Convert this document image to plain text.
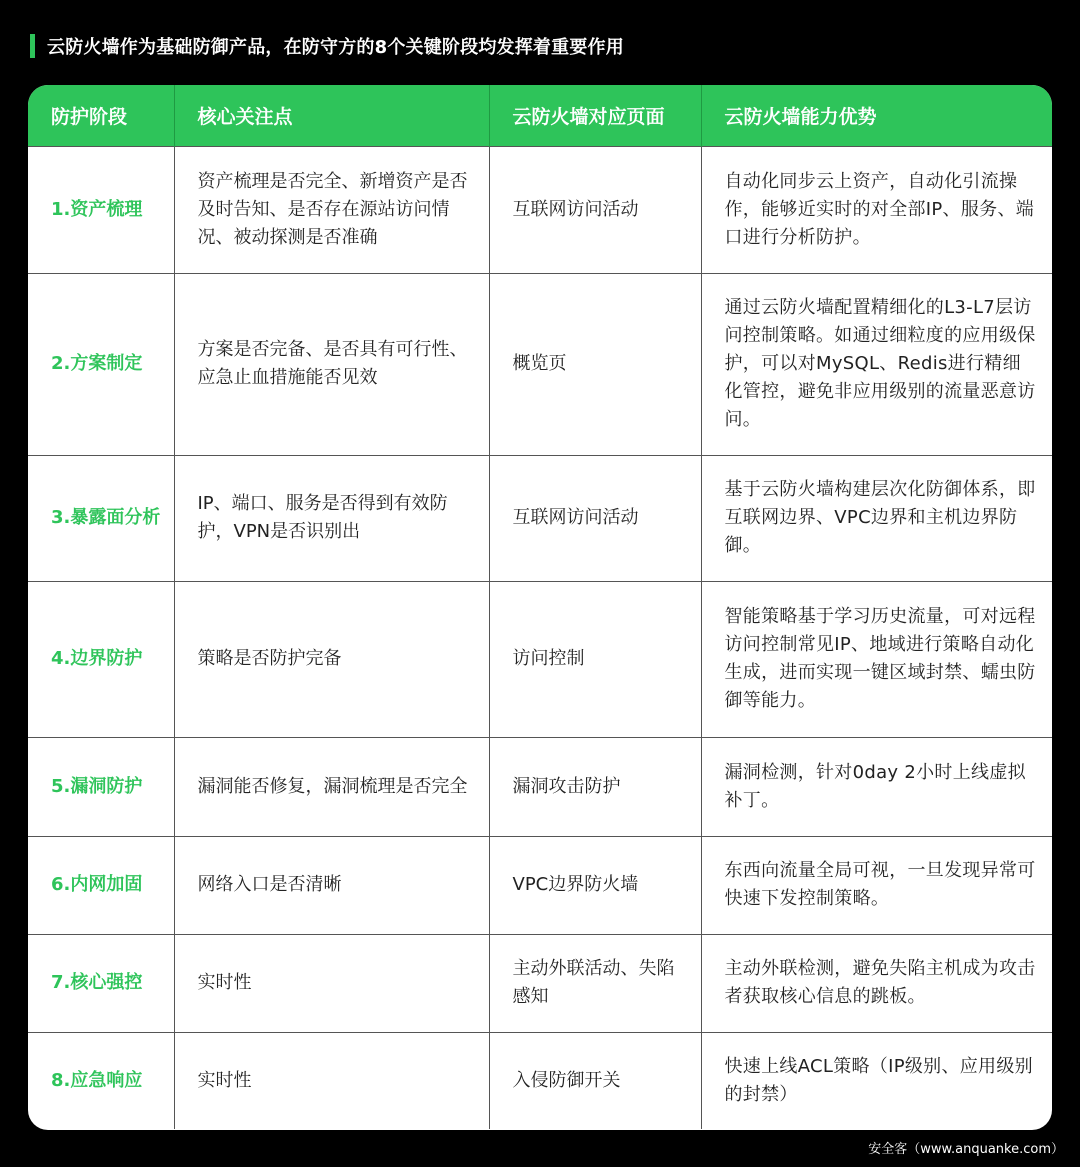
云防火墙作为基础防御产品，在防守方的8个关键阶段均发挥着重要作用
防护阶段	核心关注点	云防火墙对应页面	云防火墙能力优势
1.资产梳理	资产梳理是否完全、新增资产是否及时告知、是否存在源站访问情况、被动探测是否准确	互联网访问活动	自动化同步云上资产，自动化引流操作，能够近实时的对全部IP、服务、端口进行分析防护。
2.方案制定	方案是否完备、是否具有可行性、应急止血措施能否见效	概览页	通过云防火墙配置精细化的L3-L7层访问控制策略。如通过细粒度的应用级保护，可以对MySQL、Redis进行精细化管控，避免非应用级别的流量恶意访问。
3.暴露面分析	IP、端口、服务是否得到有效防护，VPN是否识别出	互联网访问活动	基于云防火墙构建层次化防御体系，即互联网边界、VPC边界和主机边界防御。
4.边界防护	策略是否防护完备	访问控制	智能策略基于学习历史流量，可对远程访问控制常见IP、地域进行策略自动化生成，进而实现一键区域封禁、蠕虫防御等能力。
5.漏洞防护	漏洞能否修复，漏洞梳理是否完全	漏洞攻击防护	漏洞检测，针对0day 2小时上线虚拟补丁。
6.内网加固	网络入口是否清晰	VPC边界防火墙	东西向流量全局可视，一旦发现异常可快速下发控制策略。
7.核心强控	实时性	主动外联活动、失陷感知	主动外联检测，避免失陷主机成为攻击者获取核心信息的跳板。
8.应急响应	实时性	入侵防御开关	快速上线ACL策略（IP级别、应用级别的封禁）
安全客（www.anquanke.com）
